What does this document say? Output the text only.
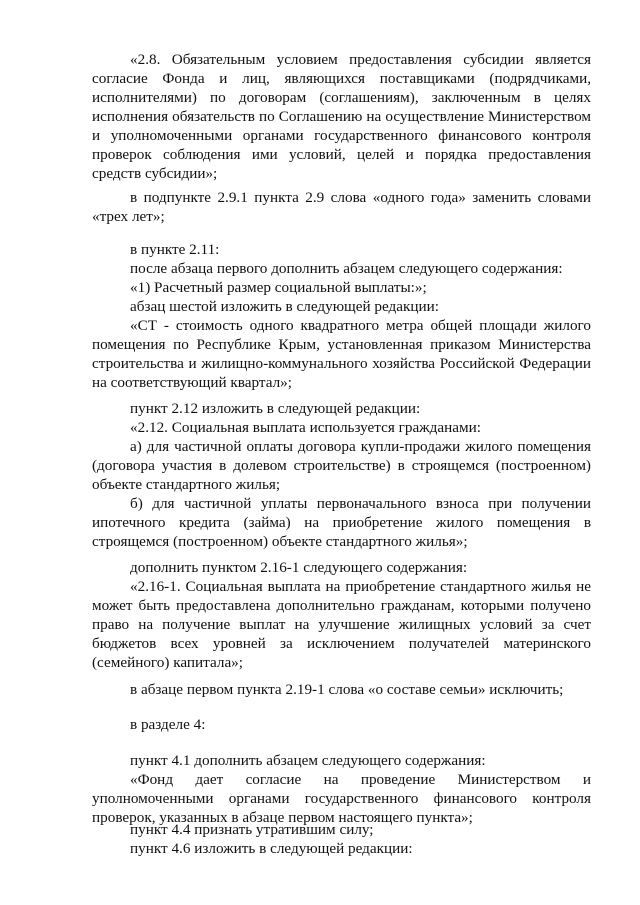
«2.8. Обязательным условием предоставления субсидии является согласие Фонда и лиц, являющихся поставщиками (подрядчиками, исполнителями) по договорам (соглашениям), заключенным в целях исполнения обязательств по Соглашению на осуществление Министерством и уполномоченными органами государственного финансового контроля проверок соблюдения ими условий, целей и порядка предоставления средств субсидии»;

в подпункте 2.9.1 пункта 2.9 слова «одного года» заменить словами «трех лет»;

в пункте 2.11:

после абзаца первого дополнить абзацем следующего содержания:

«1) Расчетный размер социальной выплаты:»;

абзац шестой изложить в следующей редакции:

«СТ - стоимость одного квадратного метра общей площади жилого помещения по Республике Крым, установленная приказом Министерства строительства и жилищно-коммунального хозяйства Российской Федерации на соответствующий квартал»;

пункт 2.12 изложить в следующей редакции:

«2.12. Социальная выплата используется гражданами:

а) для частичной оплаты договора купли-продажи жилого помещения (договора участия в долевом строительстве) в строящемся (построенном) объекте стандартного жилья;

б) для частичной уплаты первоначального взноса при получении ипотечного кредита (займа) на приобретение жилого помещения в строящемся (построенном) объекте стандартного жилья»;

дополнить пунктом 2.16-1 следующего содержания:

«2.16-1. Социальная выплата на приобретение стандартного жилья не может быть предоставлена дополнительно гражданам, которыми получено право на получение выплат на улучшение жилищных условий за счет бюджетов всех уровней за исключением получателей материнского (семейного) капитала»;

в абзаце первом пункта 2.19-1 слова «о составе семьи» исключить;

в разделе 4:

пункт 4.1 дополнить абзацем следующего содержания:

«Фонд дает согласие на проведение Министерством и уполномоченными органами государственного финансового контроля проверок, указанных в абзаце первом настоящего пункта»;

пункт 4.4 признать утратившим силу;

пункт 4.6 изложить в следующей редакции:
